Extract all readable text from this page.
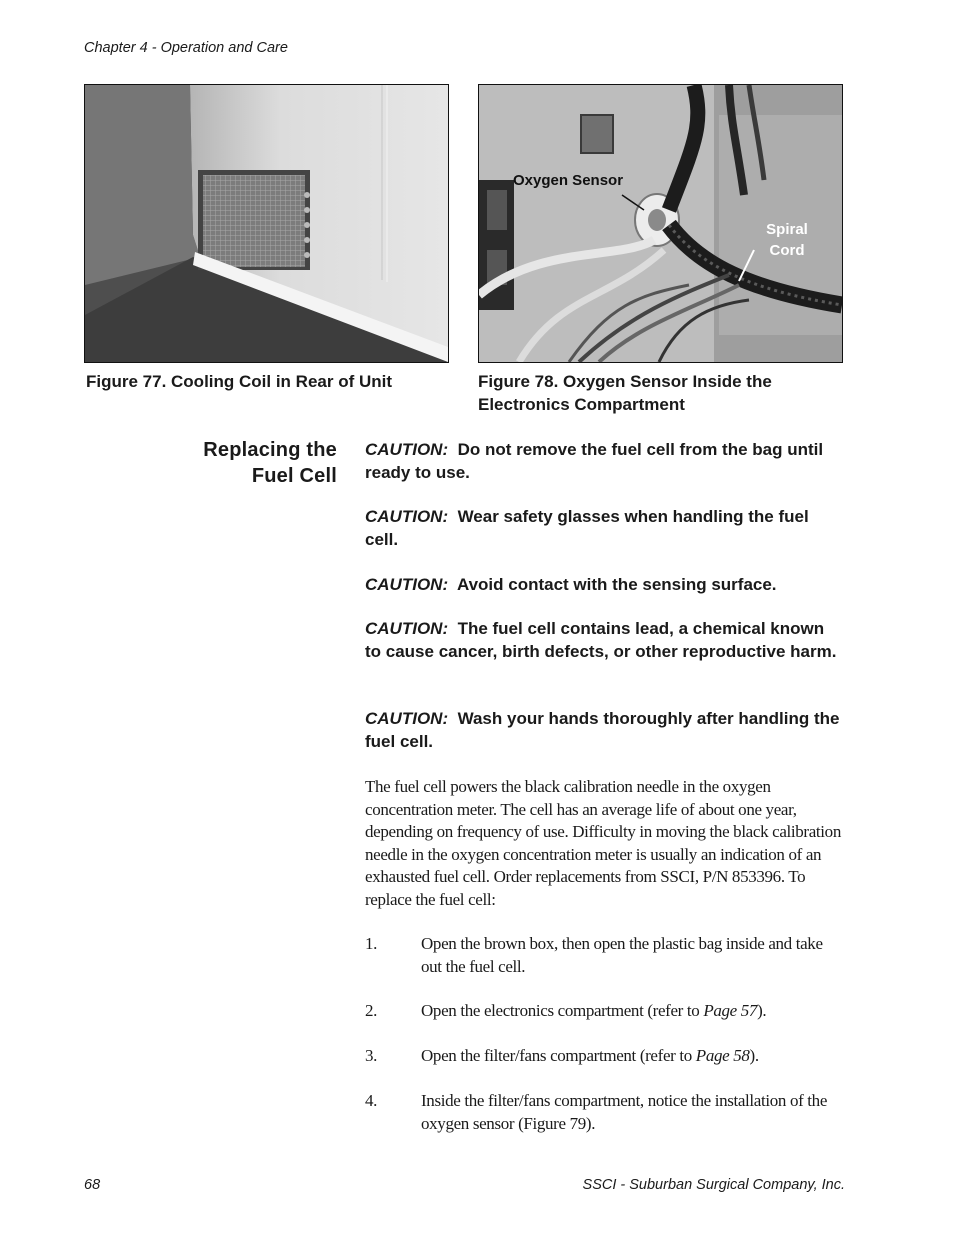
Chapter 4 - Operation and Care
Oxygen Sensor
Spiral
Cord
Figure 77. Cooling Coil in Rear of Unit	Figure 78. Oxygen Sensor Inside the Electronics Compartment
Replacing the
Fuel Cell
CAUTION: Do not remove the fuel cell from the bag until ready to use.
CAUTION: Wear safety glasses when handling the fuel cell.
CAUTION: Avoid contact with the sensing surface.
CAUTION: The fuel cell contains lead, a chemical known to cause cancer, birth defects, or other reproductive harm.
CAUTION: Wash your hands thoroughly after handling the fuel cell.
The fuel cell powers the black calibration needle in the oxygen concentration meter. The cell has an average life of about one year, depending on frequency of use. Difficulty in moving the black calibration needle in the oxygen concentration meter is usually an indication of an exhausted fuel cell. Order replacements from SSCI, P/N 853396. To replace the fuel cell:
1.	Open the brown box, then open the plastic bag inside and take out the fuel cell.
2.	Open the electronics compartment (refer to Page 57).
3.	Open the filter/fans compartment (refer to Page 58).
4.	Inside the filter/fans compartment, notice the installation of the oxygen sensor (Figure 79).
68	SSCI - Suburban Surgical Company, Inc.
